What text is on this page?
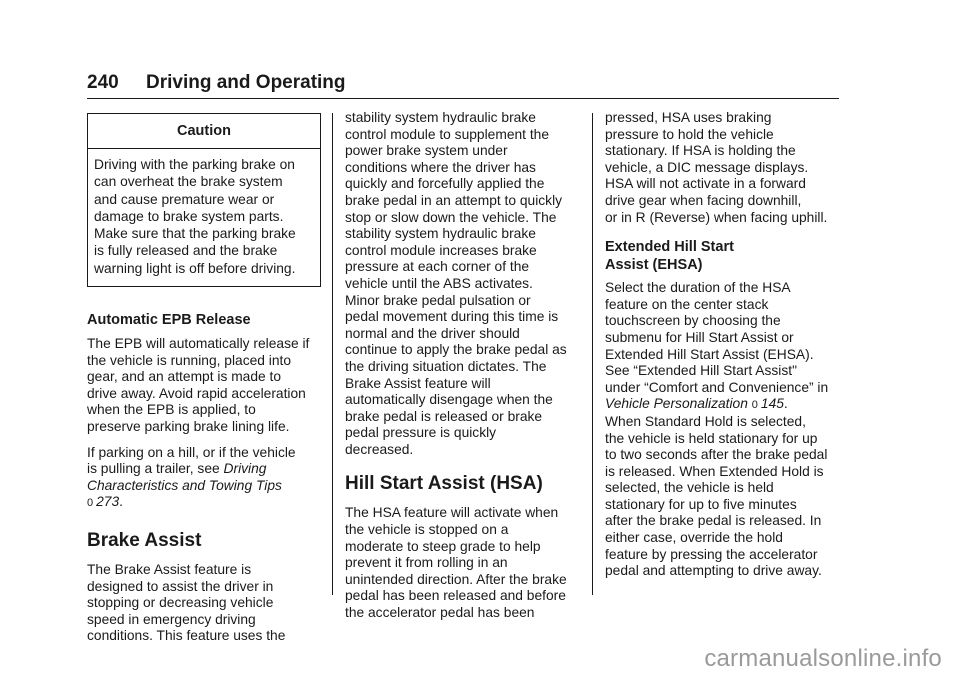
240 Driving and Operating
Caution
Driving with the parking brake on
can overheat the brake system
and cause premature wear or
damage to brake system parts.
Make sure that the parking brake
is fully released and the brake
warning light is off before driving.
Automatic EPB Release
The EPB will automatically release if
the vehicle is running, placed into
gear, and an attempt is made to
drive away. Avoid rapid acceleration
when the EPB is applied, to
preserve parking brake lining life.
If parking on a hill, or if the vehicle
is pulling a trailer, see Driving
Characteristics and Towing Tips
0 273.
Brake Assist
The Brake Assist feature is
designed to assist the driver in
stopping or decreasing vehicle
speed in emergency driving
conditions. This feature uses the
stability system hydraulic brake
control module to supplement the
power brake system under
conditions where the driver has
quickly and forcefully applied the
brake pedal in an attempt to quickly
stop or slow down the vehicle. The
stability system hydraulic brake
control module increases brake
pressure at each corner of the
vehicle until the ABS activates.
Minor brake pedal pulsation or
pedal movement during this time is
normal and the driver should
continue to apply the brake pedal as
the driving situation dictates. The
Brake Assist feature will
automatically disengage when the
brake pedal is released or brake
pedal pressure is quickly
decreased.
Hill Start Assist (HSA)
The HSA feature will activate when
the vehicle is stopped on a
moderate to steep grade to help
prevent it from rolling in an
unintended direction. After the brake
pedal has been released and before
the accelerator pedal has been
pressed, HSA uses braking
pressure to hold the vehicle
stationary. If HSA is holding the
vehicle, a DIC message displays.
HSA will not activate in a forward
drive gear when facing downhill,
or in R (Reverse) when facing uphill.
Extended Hill Start
Assist (EHSA)
Select the duration of the HSA
feature on the center stack
touchscreen by choosing the
submenu for Hill Start Assist or
Extended Hill Start Assist (EHSA).
See “Extended Hill Start Assist"
under “Comfort and Convenience” in
Vehicle Personalization 0 145.
When Standard Hold is selected,
the vehicle is held stationary for up
to two seconds after the brake pedal
is released. When Extended Hold is
selected, the vehicle is held
stationary for up to five minutes
after the brake pedal is released. In
either case, override the hold
feature by pressing the accelerator
pedal and attempting to drive away.
carmanualsonline.info
